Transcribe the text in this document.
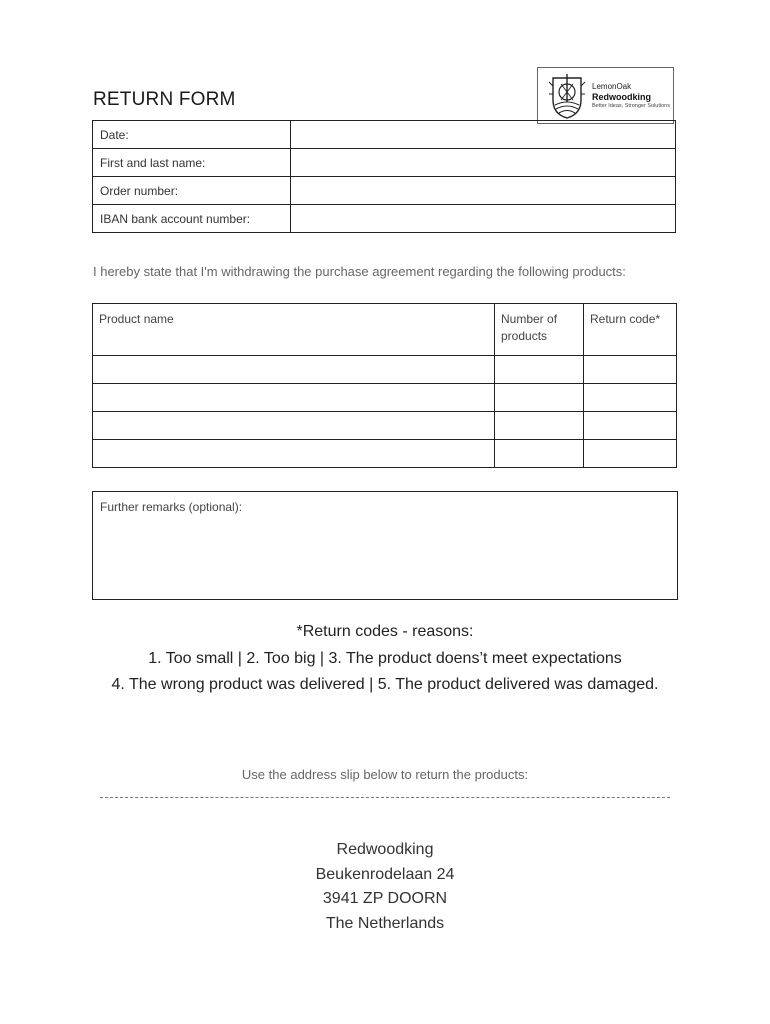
RETURN FORM
LemonOak
Redwoodking
Better Ideas, Stronger Solutions
Date:	
First and last name:	
Order number:	
IBAN bank account number:	
I hereby state that I'm withdrawing the purchase agreement regarding the following products:
Product name	Number of products	Return code*

Further remarks (optional):
*Return codes - reasons:
1. Too small | 2. Too big | 3. The product doens’t meet expectations
4. The wrong product was delivered | 5. The product delivered was damaged.
Use the address slip below to return the products:
Redwoodking
Beukenrodelaan 24
3941 ZP DOORN
The Netherlands
